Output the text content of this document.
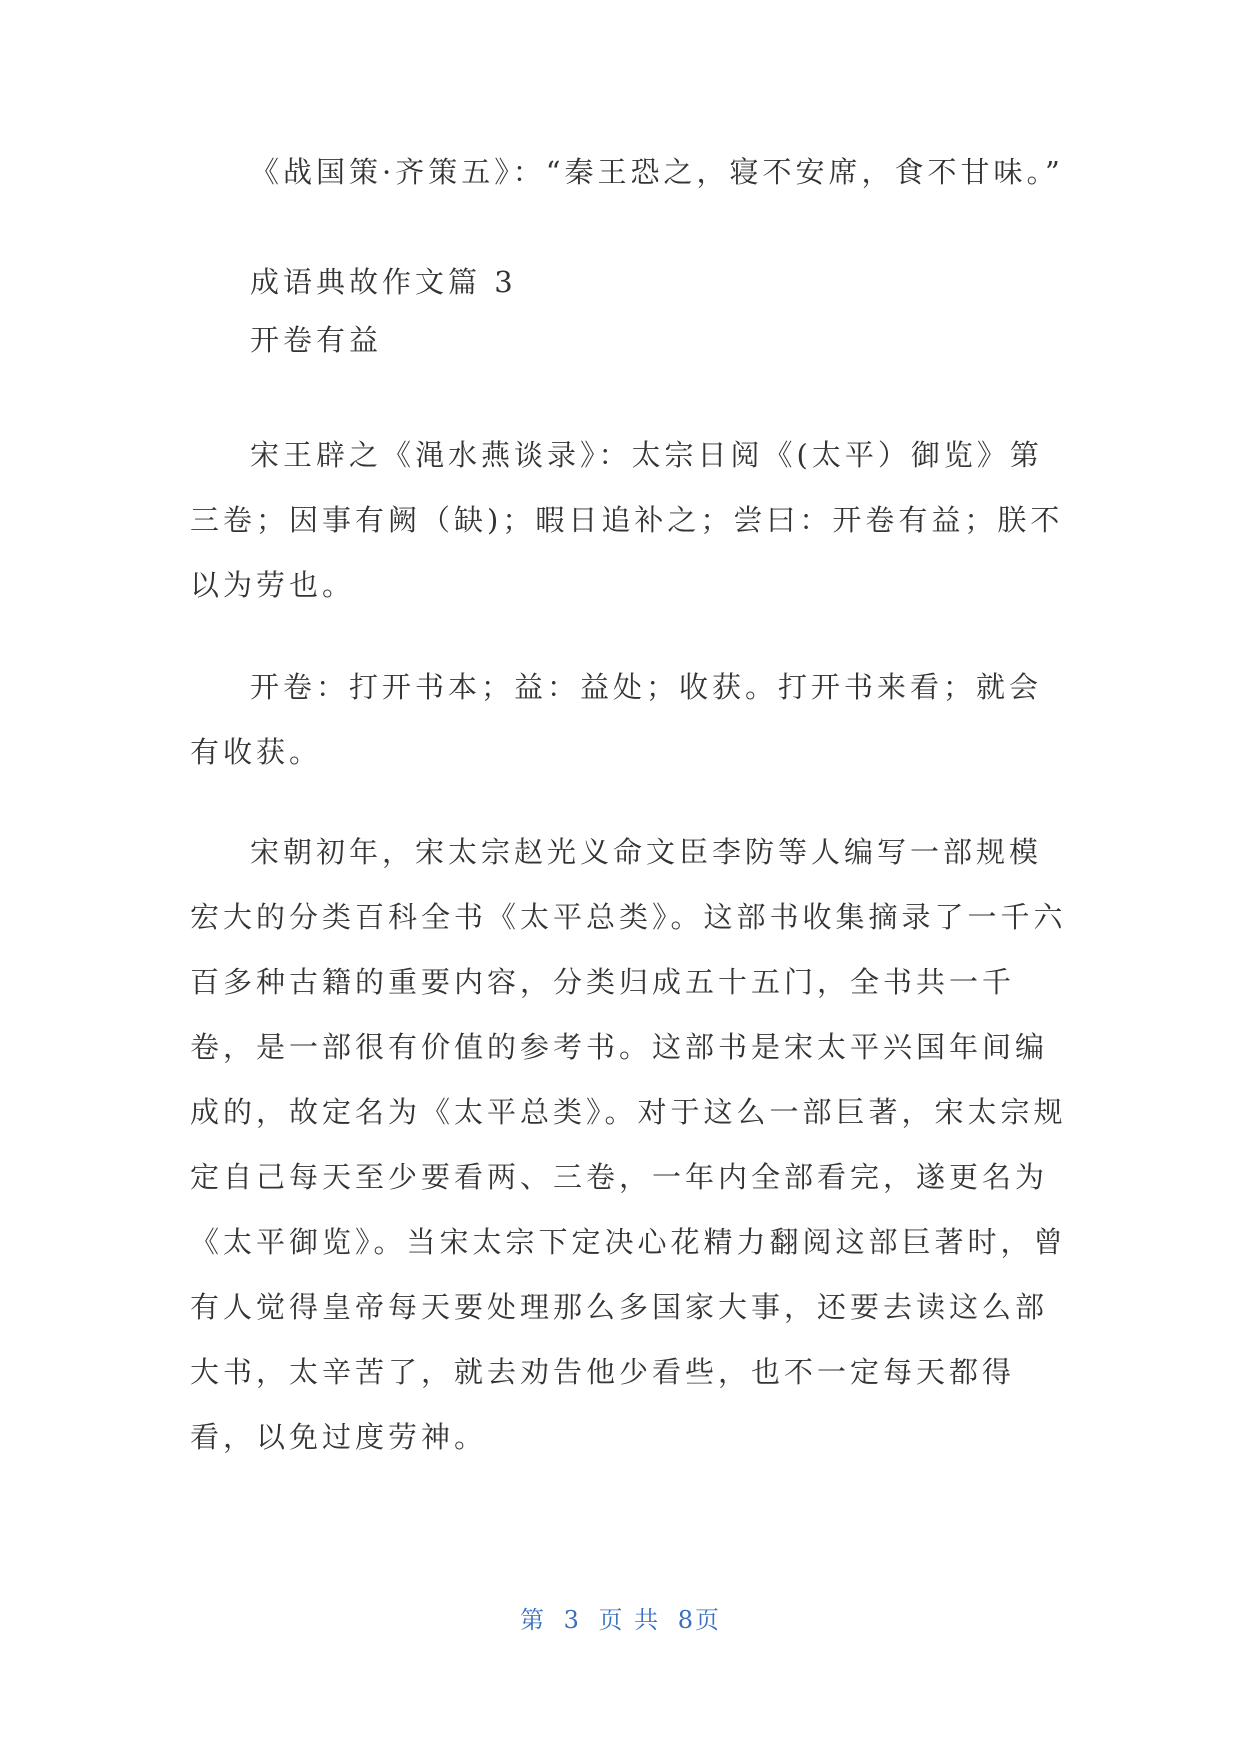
《战国策·齐策五》：“秦王恐之，寝不安席，食不甘味。”

成语典故作文篇 3

开卷有益

宋王辟之《渑水燕谈录》：太宗日阅《(太平）御览》第三卷；因事有阙（缺)；暇日追补之；尝曰：开卷有益；朕不以为劳也。

开卷：打开书本；益：益处；收获。打开书来看；就会有收获。

宋朝初年，宋太宗赵光义命文臣李防等人编写一部规模宏大的分类百科全书《太平总类》。这部书收集摘录了一千六百多种古籍的重要内容，分类归成五十五门，全书共一千卷，是一部很有价值的参考书。这部书是宋太平兴国年间编成的，故定名为《太平总类》。对于这么一部巨著，宋太宗规定自己每天至少要看两、三卷，一年内全部看完，遂更名为《太平御览》。当宋太宗下定决心花精力翻阅这部巨著时，曾有人觉得皇帝每天要处理那么多国家大事，还要去读这么部大书，太辛苦了，就去劝告他少看些，也不一定每天都得看，以免过度劳神。

第 3 页 共 8页
